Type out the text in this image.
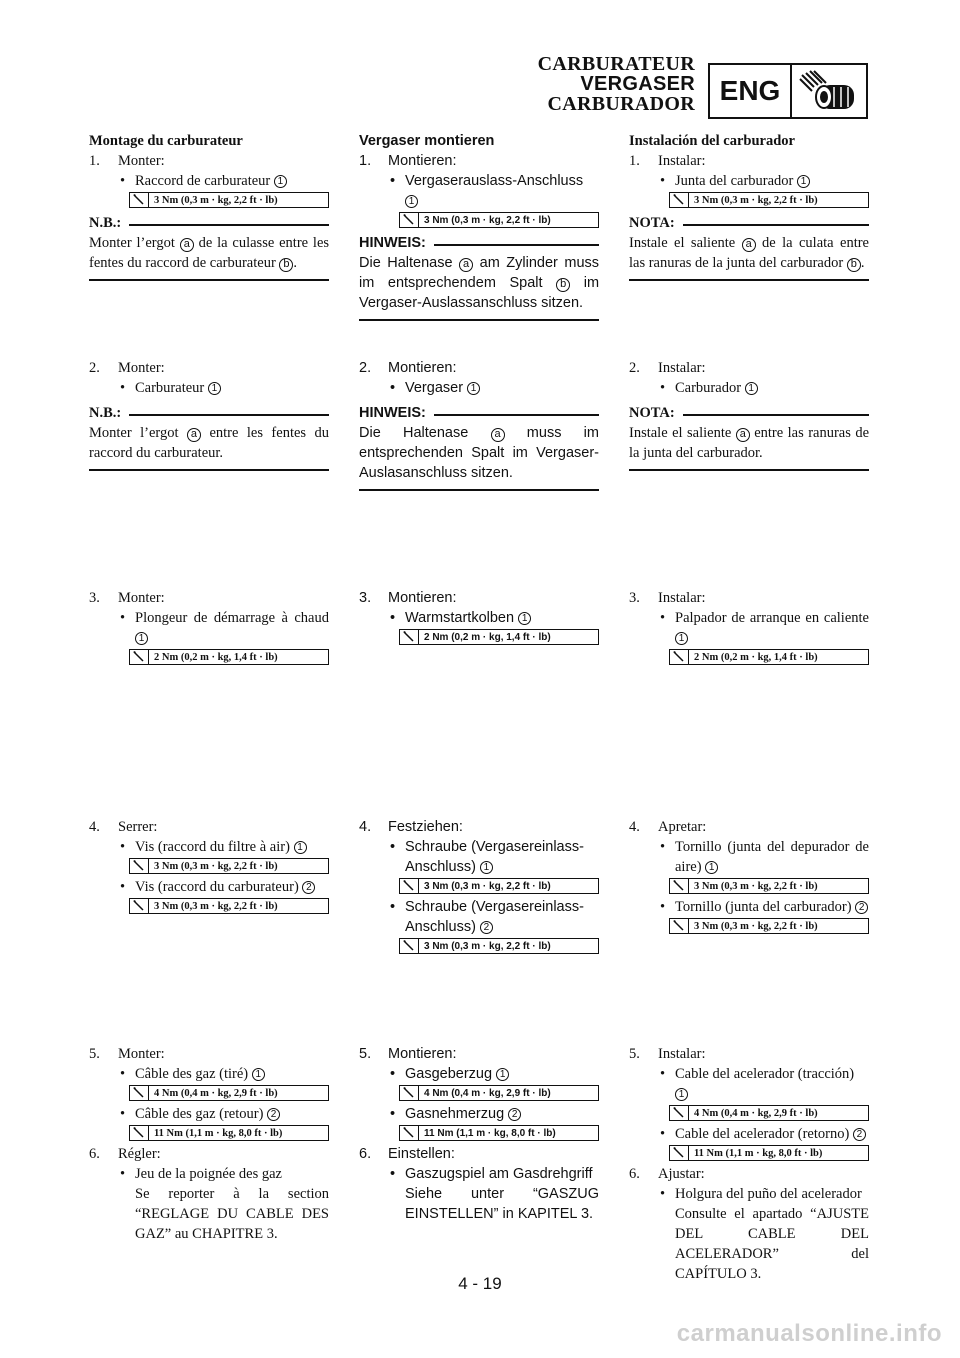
CARBURATEUR
VERGASER
CARBURADOR ENG
Montage du carburateur
1. Monter:
• Raccord de carburateur 1
3 Nm (0,3 m · kg, 2,2 ft · lb)
N.B.:
Monter l’ergot a de la culasse entre les fentes du raccord de carburateur b .
2. Monter:
• Carburateur 1
N.B.:
Monter l’ergot a entre les fentes du raccord du carburateur.
3. Monter:
• Plongeur de démarrage à chaud 1
2 Nm (0,2 m · kg, 1,4 ft · lb)
4. Serrer:
• Vis (raccord du filtre à air) 1
3 Nm (0,3 m · kg, 2,2 ft · lb)
• Vis (raccord du carburateur) 2
3 Nm (0,3 m · kg, 2,2 ft · lb)
5. Monter:
• Câble des gaz (tiré) 1
4 Nm (0,4 m · kg, 2,9 ft · lb)
• Câble des gaz (retour) 2
11 Nm (1,1 m · kg, 8,0 ft · lb)
6. Régler:
• Jeu de la poignée des gaz
Se reporter à la section “REGLAGE DU CABLE DES GAZ” au CHAPITRE 3.
Vergaser montieren
1. Montieren:
• Vergaserauslass-Anschluss 1
3 Nm (0,3 m · kg, 2,2 ft · lb)
HINWEIS:
Die Haltenase a am Zylinder muss im entsprechendem Spalt b im Vergaser-Auslassanschluss sitzen.
2. Montieren:
• Vergaser 1
HINWEIS:
Die Haltenase a muss im entsprechenden Spalt im Vergaser-Auslasanschluss sitzen.
3. Montieren:
• Warmstartkolben 1
2 Nm (0,2 m · kg, 1,4 ft · lb)
4. Festziehen:
• Schraube (Vergasereinlass-Anschluss) 1
3 Nm (0,3 m · kg, 2,2 ft · lb)
• Schraube (Vergasereinlass-Anschluss) 2
3 Nm (0,3 m · kg, 2,2 ft · lb)
5. Montieren:
• Gasgeberzug 1
4 Nm (0,4 m · kg, 2,9 ft · lb)
• Gasnehmerzug 2
11 Nm (1,1 m · kg, 8,0 ft · lb)
6. Einstellen:
• Gaszugspiel am Gasdrehgriff
Siehe unter “GASZUG EINSTELLEN” in KAPITEL 3.
Instalación del carburador
1. Instalar:
• Junta del carburador 1
3 Nm (0,3 m · kg, 2,2 ft · lb)
NOTA:
Instale el saliente a de la culata entre las ranuras de la junta del carburador b .
2. Instalar:
• Carburador 1
NOTA:
Instale el saliente a entre las ranuras de la junta del carburador.
3. Instalar:
• Palpador de arranque en caliente 1
2 Nm (0,2 m · kg, 1,4 ft · lb)
4. Apretar:
• Tornillo (junta del depurador de aire) 1
3 Nm (0,3 m · kg, 2,2 ft · lb)
• Tornillo (junta del carburador) 2
3 Nm (0,3 m · kg, 2,2 ft · lb)
5. Instalar:
• Cable del acelerador (tracción) 1
4 Nm (0,4 m · kg, 2,9 ft · lb)
• Cable del acelerador (retorno) 2
11 Nm (1,1 m · kg, 8,0 ft · lb)
6. Ajustar:
• Holgura del puño del acelerador
Consulte el apartado “AJUSTE DEL CABLE DEL ACELERADOR” del CAPÍTULO 3.
4 - 19
carmanualsonline.info
